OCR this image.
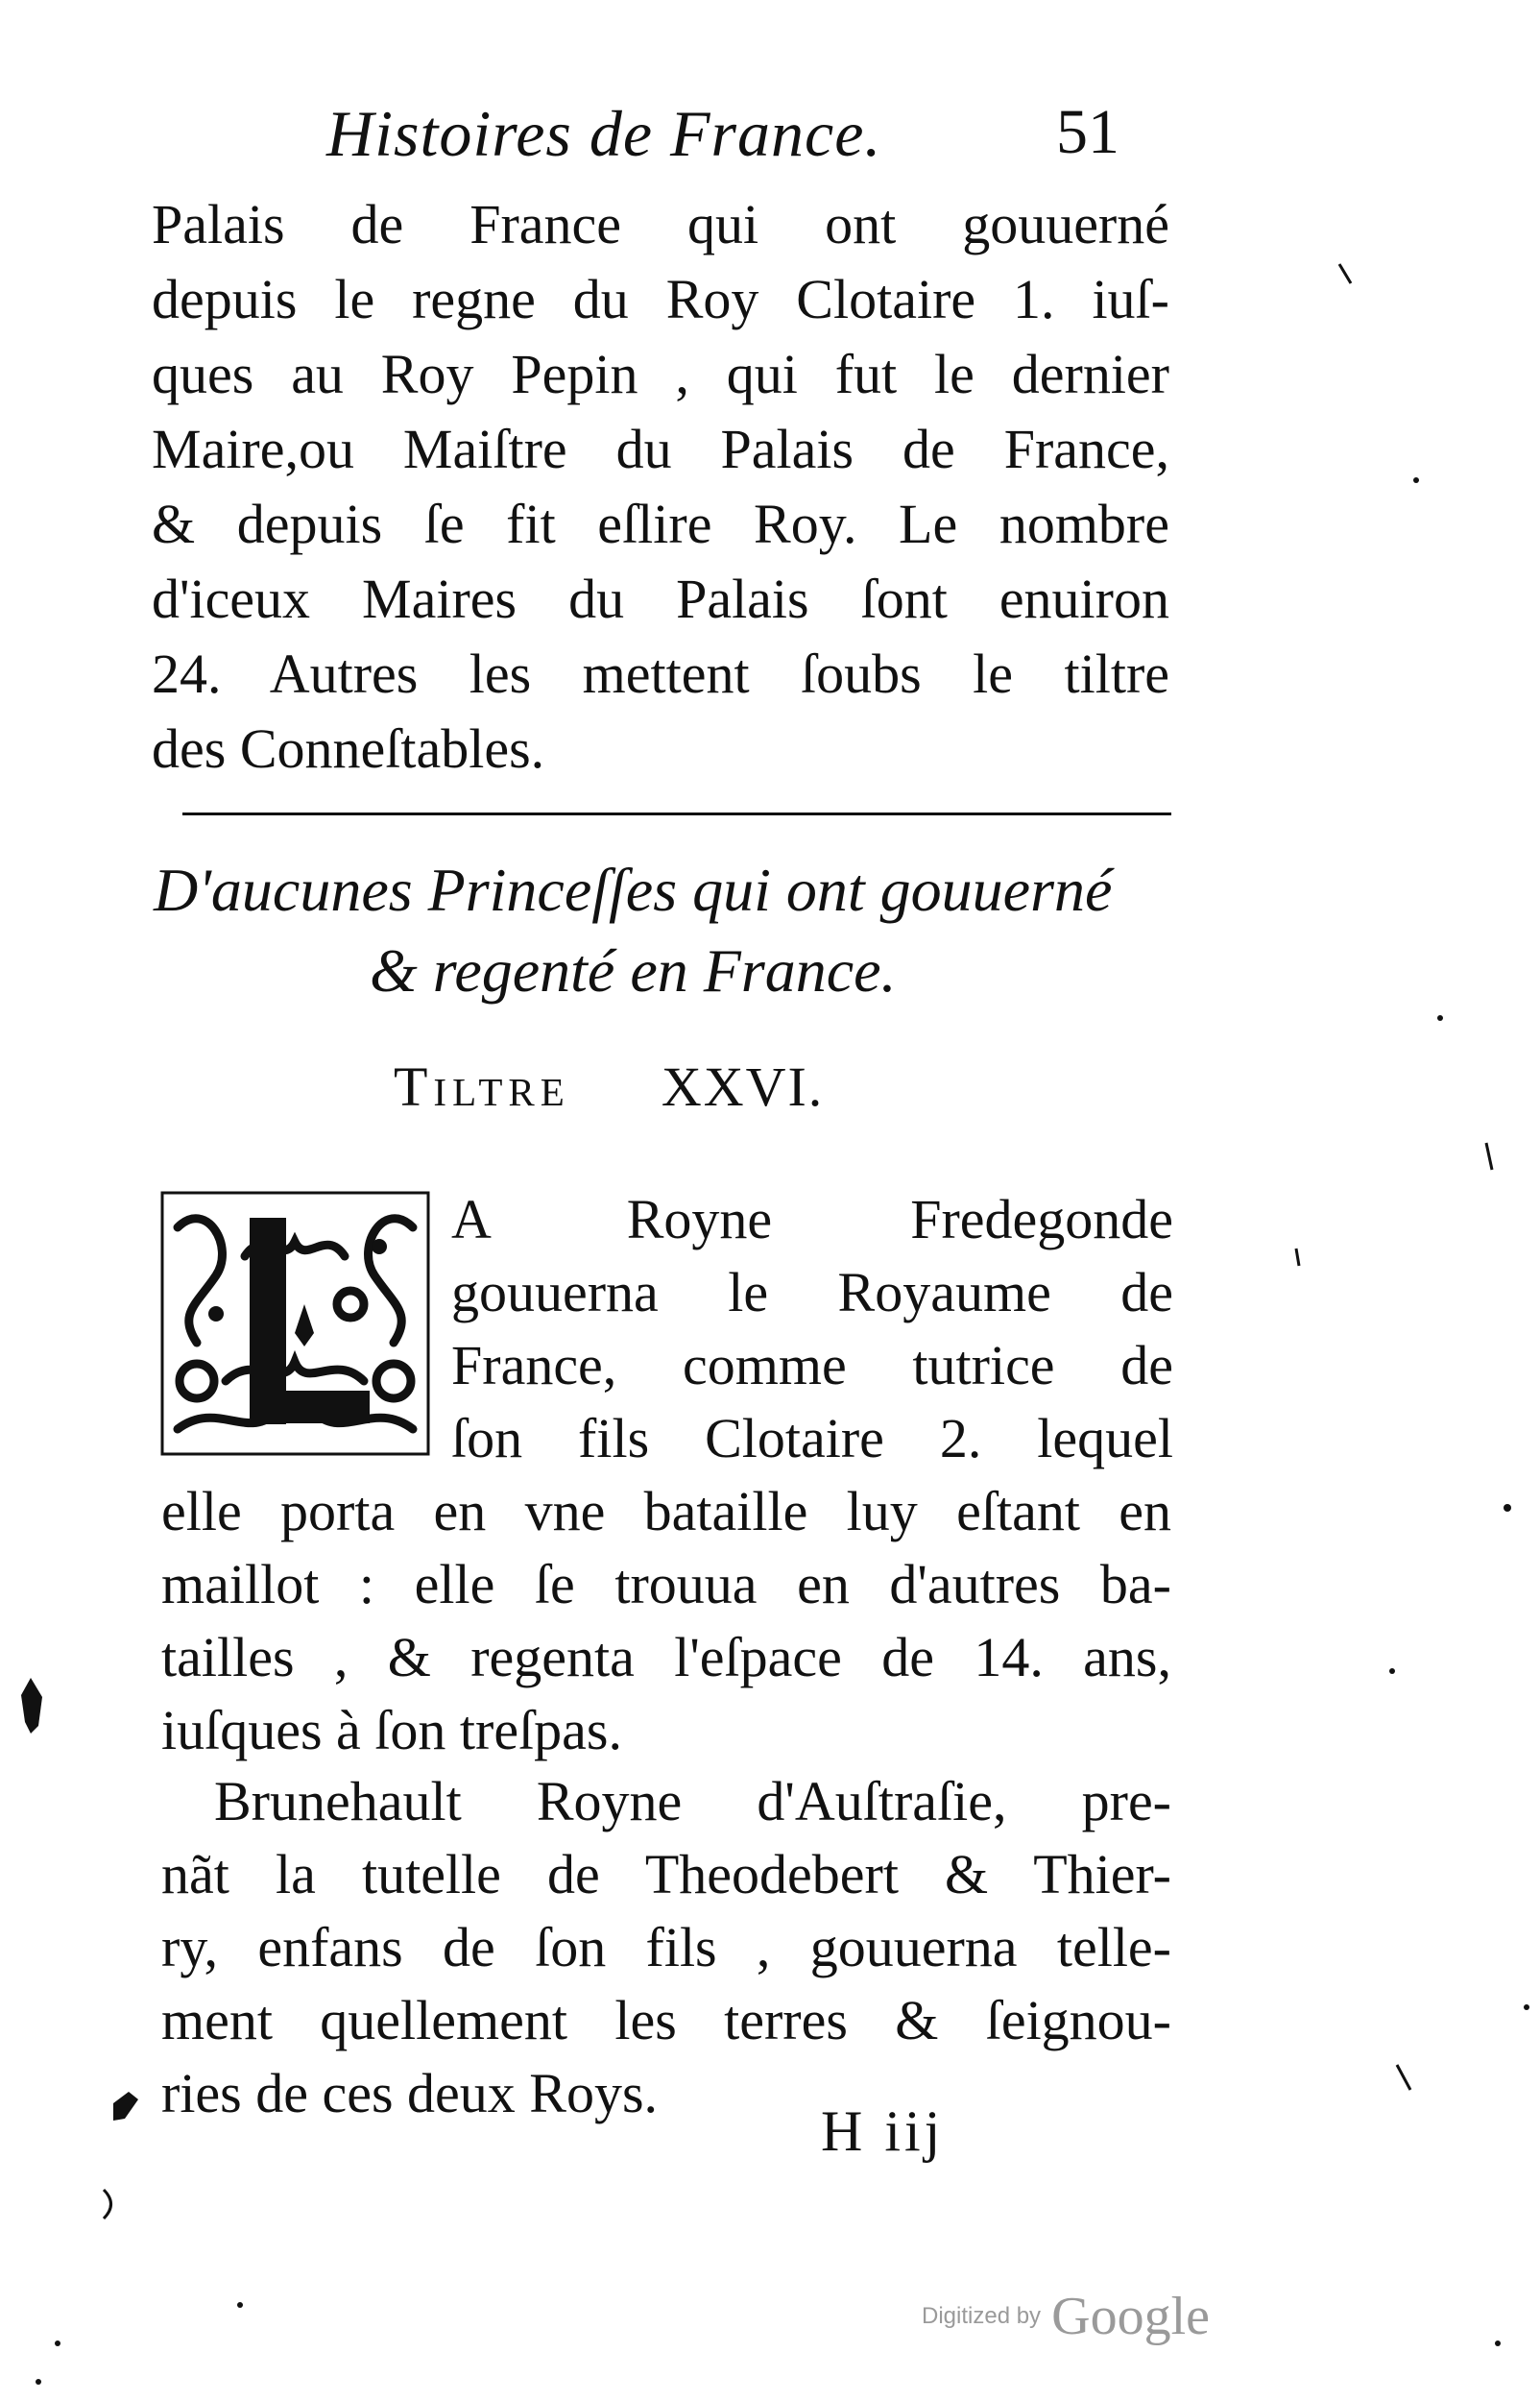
Histoires de France.	51
Palais de France qui ont gouuerné
depuis le regne du Roy Clotaire 1. iuſ-
ques au Roy Pepin , qui fut le dernier
Maire,ou Maiſtre du Palais de France,
& depuis ſe fit eſlire Roy. Le nombre
d'iceux Maires du Palais ſont enuiron
24. Autres les mettent ſoubs le tiltre
des Conneſtables.
D'aucunes Princeſſes qui ont gouuerné
& regenté en France.
Tiltre XXVI.
A Royne Fredegonde
gouuerna le Royaume de
France, comme tutrice de
ſon fils Clotaire 2. lequel
elle porta en vne bataille luy eſtant en
maillot : elle ſe trouua en d'autres ba-
tailles , & regenta l'eſpace de 14. ans,
iuſques à ſon treſpas.
Brunehault Royne d'Auſtraſie, pre-
nãt la tutelle de Theodebert & Thier-
ry, enfans de ſon fils , gouuerna telle-
ment quellement les terres & ſeignou-
ries de ces deux Roys.
H iij
Digitized by Google
